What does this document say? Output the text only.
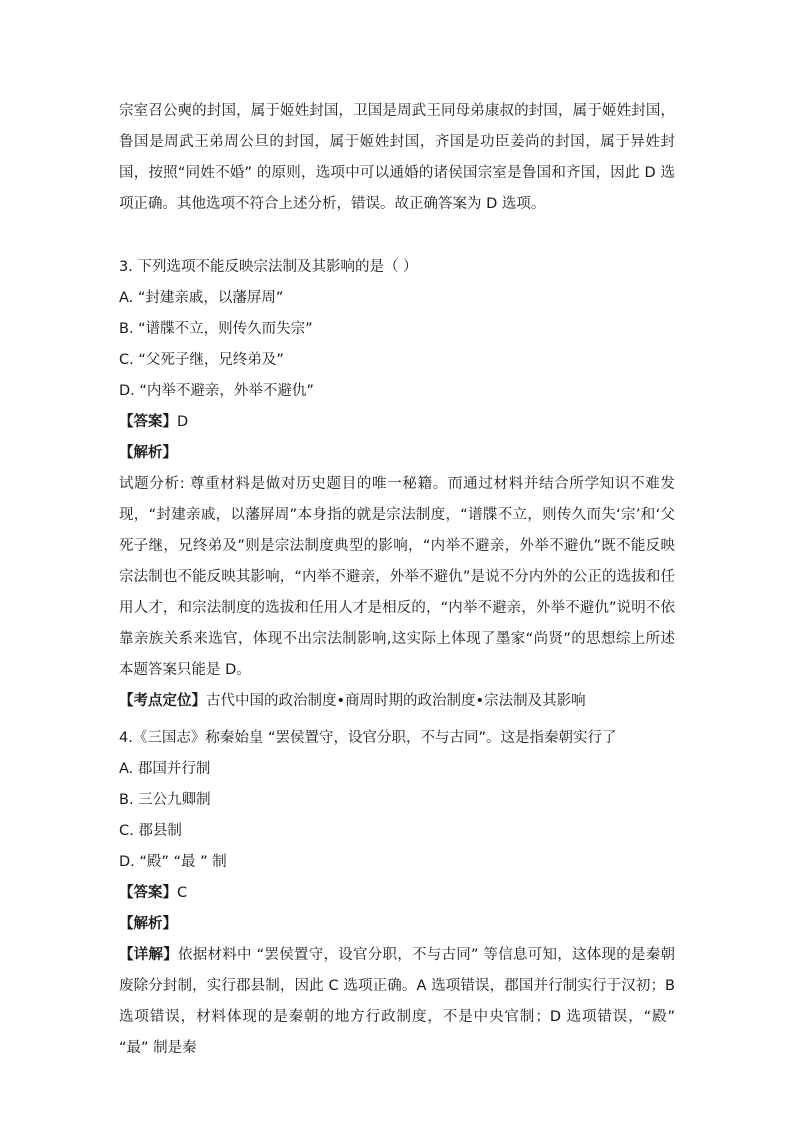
宗室召公奭的封国，属于姬姓封国，卫国是周武王同母弟康叔的封国，属于姬姓封国，鲁国是周武王弟周公旦的封国，属于姬姓封国，齐国是功臣姜尚的封国，属于异姓封国，按照“同姓不婚” 的原则，选项中可以通婚的诸侯国宗室是鲁国和齐国，因此 D 选项正确。其他选项不符合上述分析，错误。故正确答案为 D 选项。

3. 下列选项不能反映宗法制及其影响的是（ ）

A. “封建亲戚，以藩屏周”

B. “谱牒不立，则传久而失宗”

C. “父死子继，兄终弟及”

D. “内举不避亲，外举不避仇”

【答案】D

【解析】

试题分析: 尊重材料是做对历史题目的唯一秘籍。而通过材料并结合所学知识不难发现，“封建亲戚，以藩屏周”本身指的就是宗法制度，“谱牒不立，则传久而失‘宗’和‘父死子继，兄终弟及”则是宗法制度典型的影响，“内举不避亲，外举不避仇”既不能反映宗法制也不能反映其影响，“内举不避亲，外举不避仇”是说不分内外的公正的选拔和任用人才，和宗法制度的选拔和任用人才是相反的，“内举不避亲，外举不避仇”说明不依靠亲族关系来选官，体现不出宗法制影响,这实际上体现了墨家“尚贤”的思想综上所述本题答案只能是 D。

【考点定位】古代中国的政治制度•商周时期的政治制度•宗法制及其影响

4.《三国志》称秦始皇 “罢侯置守，设官分职，不与古同”。这是指秦朝实行了

A. 郡国并行制

B. 三公九卿制

C. 郡县制

D. “殿” “最 ” 制

【答案】C

【解析】

【详解】依据材料中 “罢侯置守，设官分职，不与古同” 等信息可知，这体现的是秦朝废除分封制，实行郡县制，因此 C 选项正确。A 选项错误，郡国并行制实行于汉初；B 选项错误，材料体现的是秦朝的地方行政制度，不是中央官制；D 选项错误，“殿” “最” 制是秦
